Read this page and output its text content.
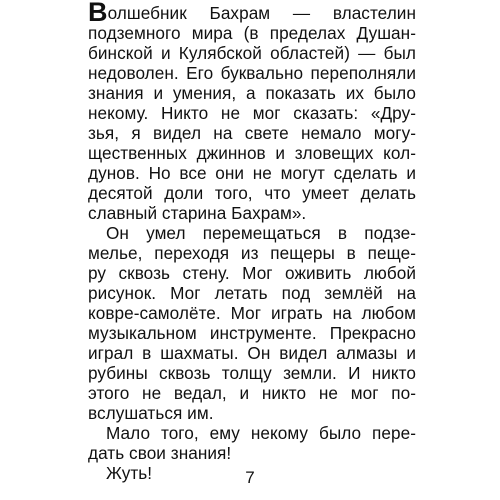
Волшебник Бахрам — властелин
подземного мира (в пределах Душан-
бинской и Кулябской областей) — был
недоволен. Его буквально переполняли
знания и умения, а показать их было
некому. Никто не мог сказать: «Дру-
зья, я видел на свете немало могу-
щественных джиннов и зловещих кол-
дунов. Но все они не могут сделать и
десятой доли того, что умеет делать
славный старина Бахрам».
Он умел перемещаться в подзе-
мелье, переходя из пещеры в пеще-
ру сквозь стену. Мог оживить любой
рисунок. Мог летать под землёй на
ковре-самолёте. Мог играть на любом
музыкальном инструменте. Прекрасно
играл в шахматы. Он видел алмазы и
рубины сквозь толщу земли. И никто
этого не ведал, и никто не мог по-
вслушаться им.
Мало того, ему некому было пере-
дать свои знания!
Жуть!	7
